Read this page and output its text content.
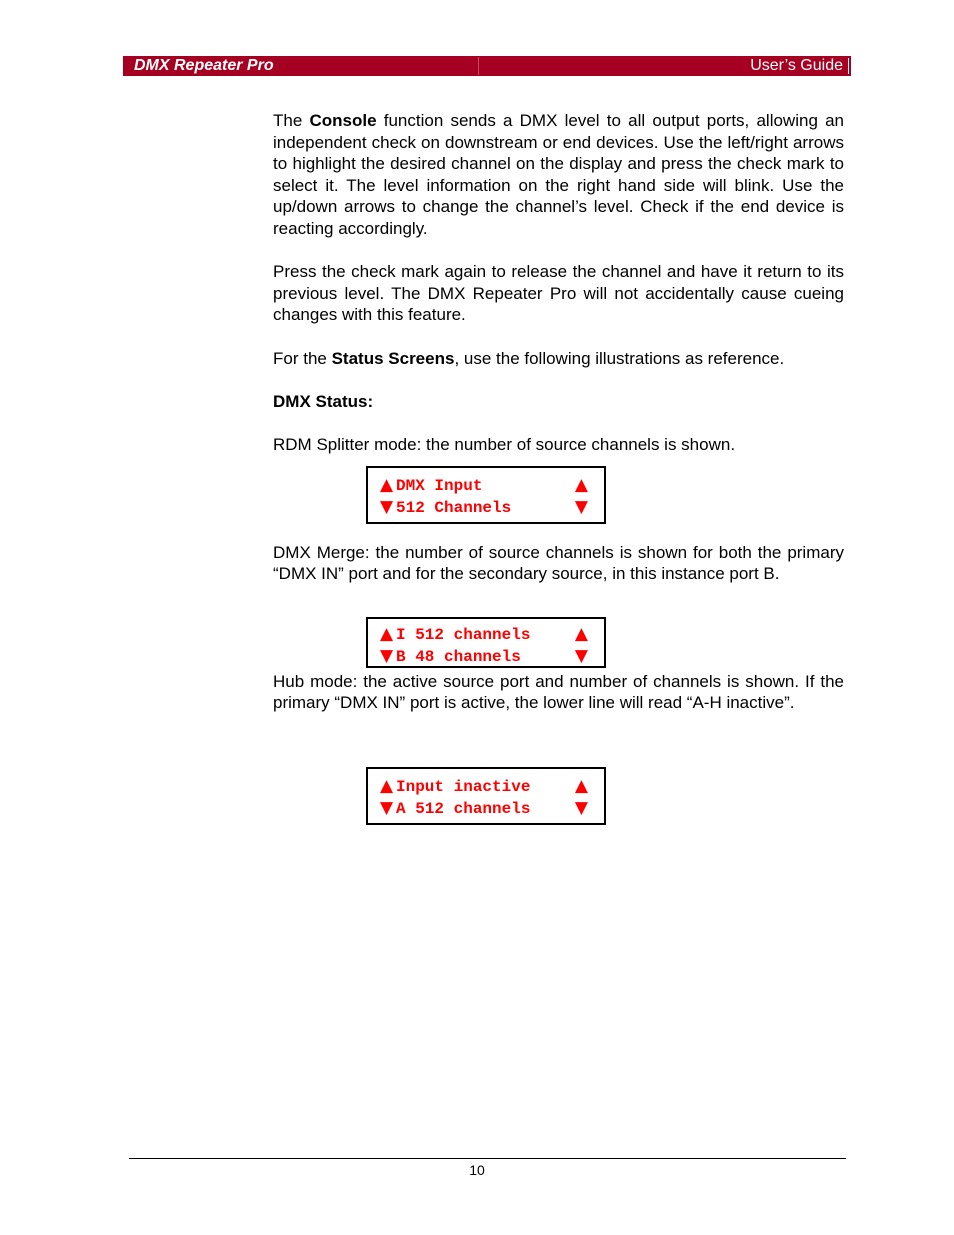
DMX Repeater Pro	User’s Guide

The Console function sends a DMX level to all output ports, allowing an independent check on downstream or end devices. Use the left/right arrows to highlight the desired channel on the display and press the check mark to select it. The level information on the right hand side will blink. Use the up/down arrows to change the channel’s level. Check if the end device is reacting accordingly.

Press the check mark again to release the channel and have it return to its previous level. The DMX Repeater Pro will not accidentally cause cueing changes with this feature.

For the Status Screens, use the following illustrations as reference.

DMX Status:

RDM Splitter mode: the number of source channels is shown.

DMX Merge: the number of source channels is shown for both the primary “DMX IN” port and for the secondary source, in this instance port B.

Hub mode: the active source port and number of channels is shown. If the primary “DMX IN” port is active, the lower line will read “A-H inactive”.

▲ DMX Input	▲
▼ 512 Channels	▼
▲ I 512 channels	▲
▼ B 48 channels	▼
▲ Input inactive	▲
▼ A 512 channels	▼
10
